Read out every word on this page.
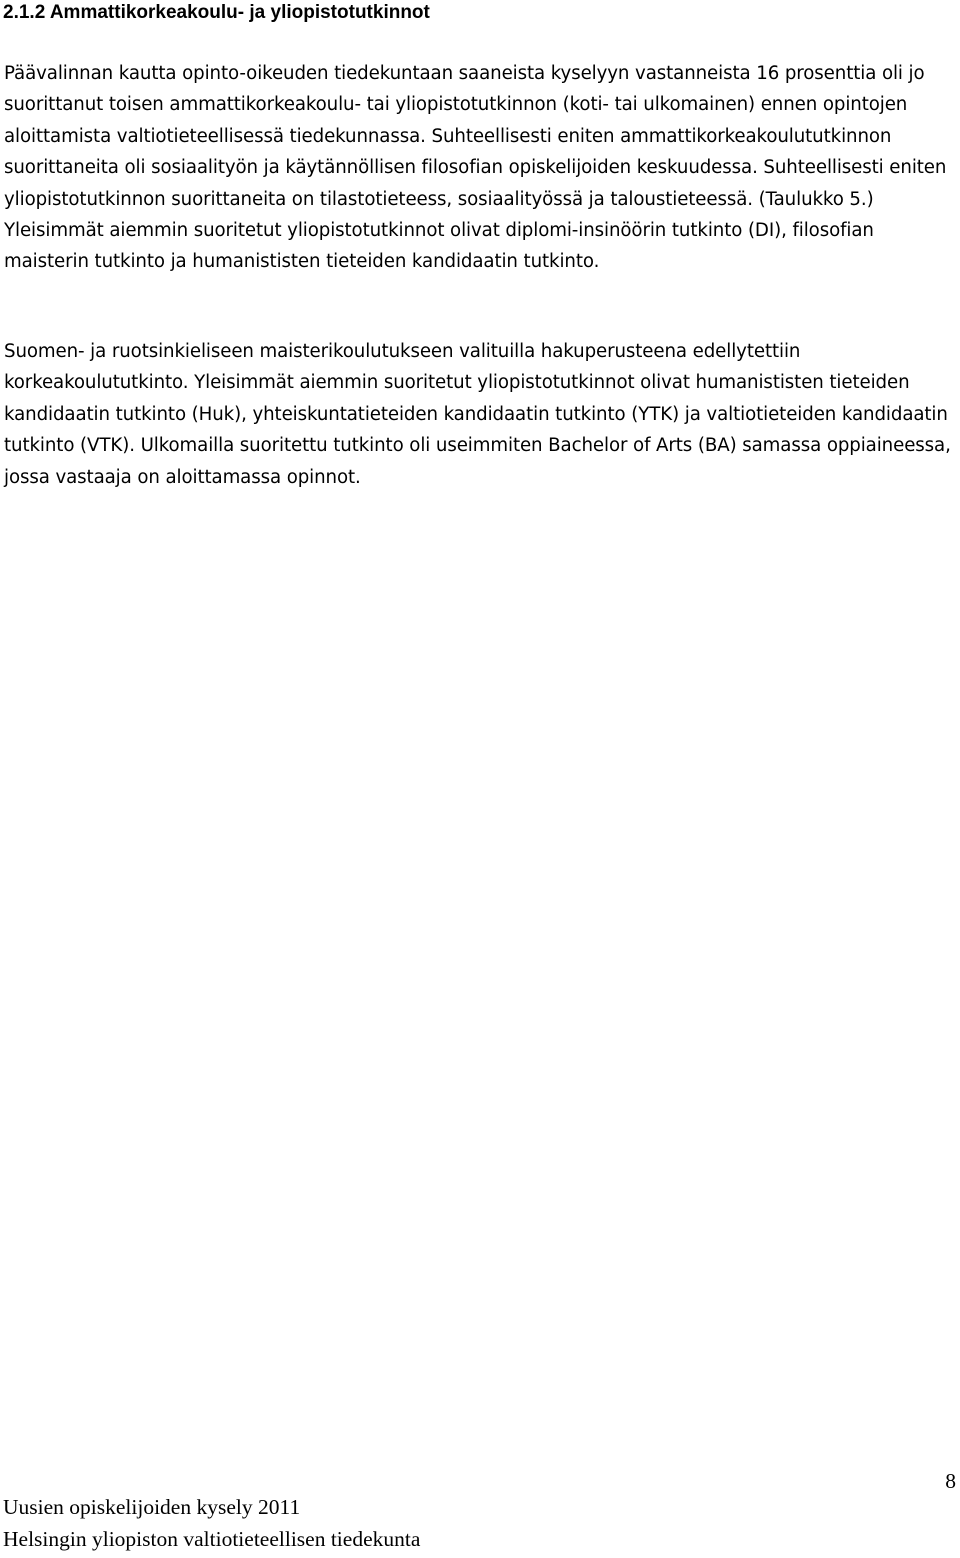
2.1.2 Ammattikorkeakoulu- ja yliopistotutkinnot

Päävalinnan kautta opinto-oikeuden tiedekuntaan saaneista kyselyyn vastanneista 16 prosenttia oli jo suorittanut toisen ammattikorkeakoulu- tai yliopistotutkinnon (koti- tai ulkomainen) ennen opintojen aloittamista valtiotieteellisessä tiedekunnassa. Suhteellisesti eniten ammattikorkeakoulututkinnon suorittaneita oli sosiaalityön ja käytännöllisen filosofian opiskelijoiden keskuudessa. Suhteellisesti eniten yliopistotutkinnon suorittaneita on tilastotieteess, sosiaalityössä ja taloustieteessä. (Taulukko 5.) Yleisimmät aiemmin suoritetut yliopistotutkinnot olivat diplomi-insinöörin tutkinto (DI), filosofian maisterin tutkinto ja humanististen tieteiden kandidaatin tutkinto.

Suomen- ja ruotsinkieliseen maisterikoulutukseen valituilla hakuperusteena edellytettiin korkeakoulututkinto. Yleisimmät aiemmin suoritetut yliopistotutkinnot olivat humanististen tieteiden kandidaatin tutkinto (Huk), yhteiskuntatieteiden kandidaatin tutkinto (YTK) ja valtiotieteiden kandidaatin tutkinto (VTK). Ulkomailla suoritettu tutkinto oli useimmiten Bachelor of Arts (BA) samassa oppiaineessa, jossa vastaaja on aloittamassa opinnot.

8
Uusien opiskelijoiden kysely 2011
Helsingin yliopiston valtiotieteellisen tiedekunta
